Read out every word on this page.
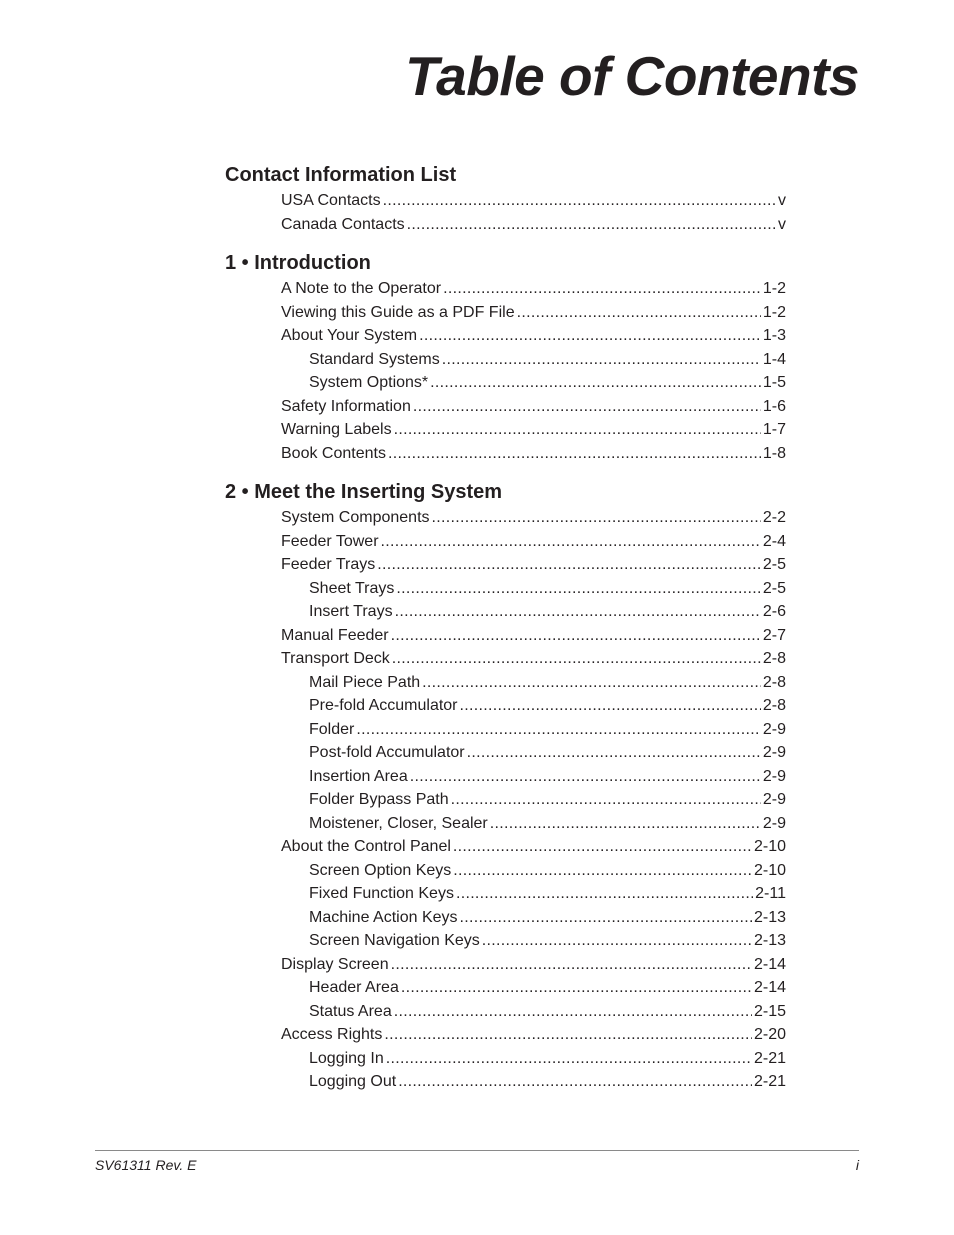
Table of Contents
Contact Information List
USA Contacts .....	v
Canada Contacts .....	v
1 • Introduction
A Note to the Operator .....	1-2
Viewing this Guide as a PDF File .....	1-2
About Your System .....	1-3
Standard Systems .....	1-4
System Options* .....	1-5
Safety Information .....	1-6
Warning Labels .....	1-7
Book Contents .....	1-8
2 • Meet the Inserting System
System Components .....	2-2
Feeder Tower .....	2-4
Feeder Trays .....	2-5
Sheet Trays .....	2-5
Insert Trays .....	2-6
Manual Feeder .....	2-7
Transport Deck .....	2-8
Mail Piece Path .....	2-8
Pre-fold Accumulator .....	2-8
Folder .....	2-9
Post-fold Accumulator .....	2-9
Insertion Area .....	2-9
Folder Bypass Path .....	2-9
Moistener, Closer, Sealer .....	2-9
About the Control Panel .....	2-10
Screen Option Keys .....	2-10
Fixed Function Keys .....	2-11
Machine Action Keys .....	2-13
Screen Navigation Keys .....	2-13
Display Screen .....	2-14
Header Area .....	2-14
Status Area .....	2-15
Access Rights .....	2-20
Logging In .....	2-21
Logging Out .....	2-21
SV61311 Rev. E	i
